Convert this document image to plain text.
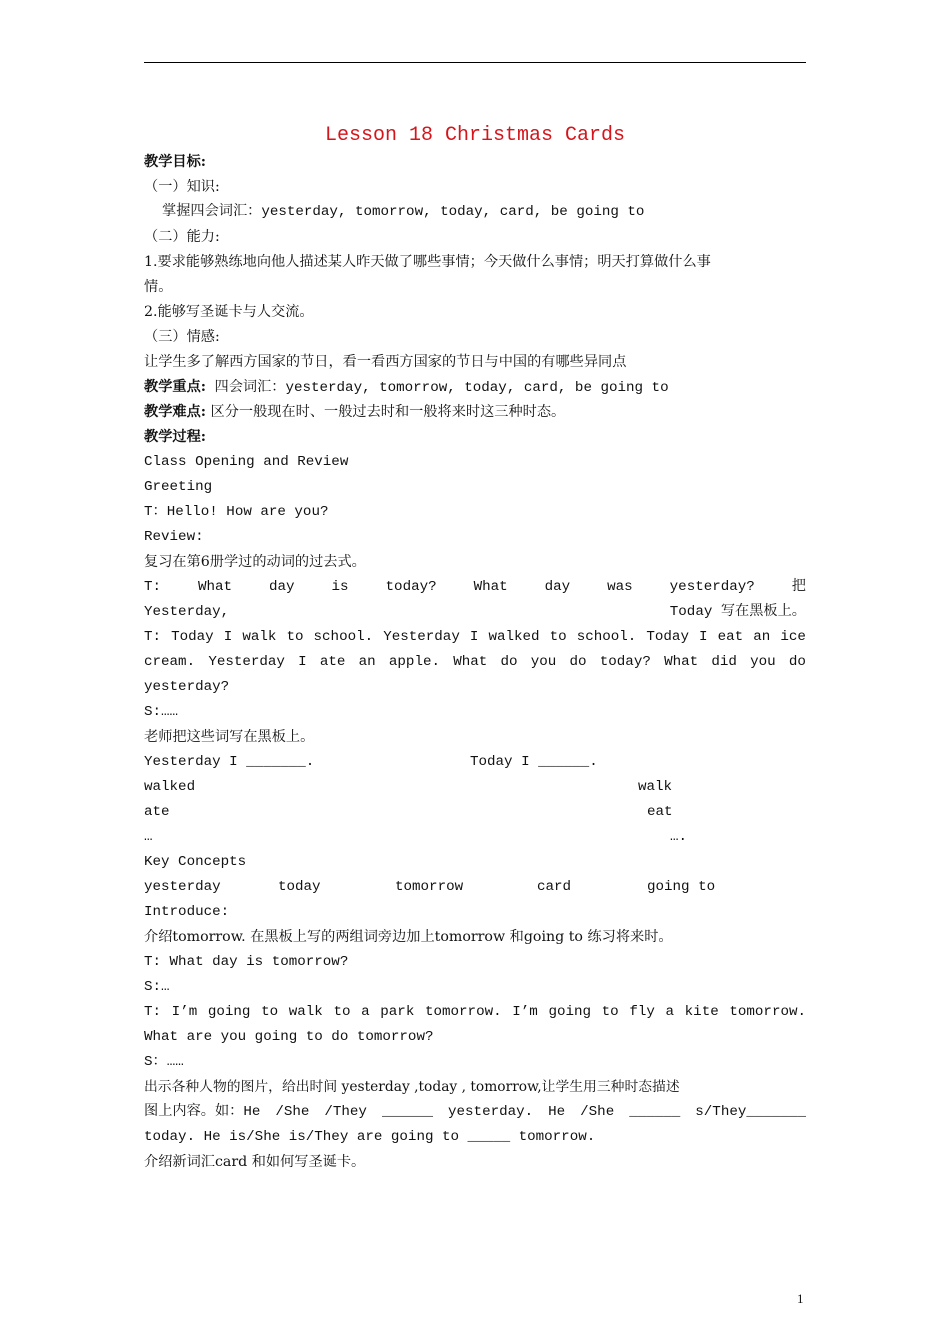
Lesson 18 Christmas Cards
教学目标:
（一）知识:
掌握四会词汇：yesterday, tomorrow, today, card, be going to
（二）能力:
1.要求能够熟练地向他人描述某人昨天做了哪些事情；今天做什么事情；明天打算做什么事
情。
2.能够写圣诞卡与人交流。
（三）情感:
让学生多了解西方国家的节日，看一看西方国家的节日与中国的有哪些异同点
教学重点: 四会词汇：yesterday, tomorrow, today, card, be going to
教学难点: 区分一般现在时、一般过去时和一般将来时这三种时态。
教学过程:
Class Opening and Review
Greeting
T：Hello! How are you?
Review:
复习在第6册学过的动词的过去式。
T:	What	day	is	today?	What	day	was	yesterday?	把
Yesterday,	Today 写在黑板上。
T: Today I walk to school. Yesterday I walked to school. Today I eat an ice
cream. Yesterday I ate an apple. What do you do today? What did you do
yesterday?
S:……
老师把这些词写在黑板上。
Yesterday I _______.	Today I ______.
walked	walk
ate	eat
…	….
Key Concepts
yesterday	today	tomorrow	card	going to
Introduce:
介绍tomorrow. 在黑板上写的两组词旁边加上tomorrow 和going to 练习将来时。
T: What day is tomorrow?
S:…
T: I’m going to walk to a park tomorrow. I’m going to fly a kite tomorrow.
What are you going to do tomorrow?
S：……
出示各种人物的图片，给出时间 yesterday ,today , tomorrow,让学生用三种时态描述
图上内容。如：He /She /They ______ yesterday. He /She ______ s/They_______
today. He is/She is/They are going to _____ tomorrow.
介绍新词汇card 和如何写圣诞卡。
1
